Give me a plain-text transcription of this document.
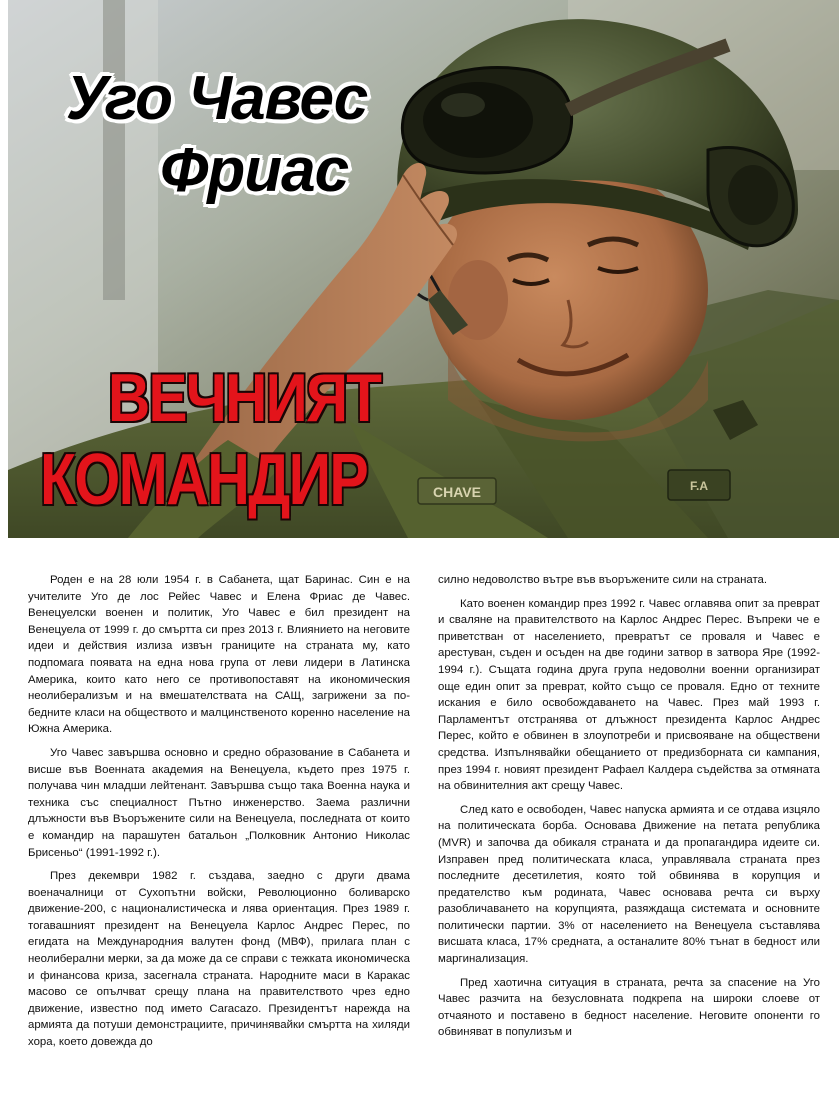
CHAVE	F.A
Уго Чавес
Фриас
ВЕЧНИЯТ
КОМАНДИР

Роден е на 28 юли 1954 г. в Сабанета, щат Баринас. Син е на учителите Уго де лос Рейес Чавес и Елена Фриас де Чавес. Венецуелски военен и политик, Уго Чавес е бил президент на Венецуела от 1999 г. до смъртта си през 2013 г. Влиянието на неговите идеи и действия излиза извън границите на страната му, като подпомага появата на една нова група от леви лидери в Латинска Америка, които като него се противопоставят на икономическия неолиберализъм и на вмешателствата на САЩ, загрижени за по-бедните класи на обществото и малцинственото коренно население на Южна Америка.

Уго Чавес завършва основно и средно образование в Сабанета и висше във Военната академия на Венецуела, където през 1975 г. получава чин младши лейтенант. Завършва също така Военна наука и техника със специалност Пътно инженерство. Заема различни длъжности във Въоръжените сили на Венецуела, последната от които е командир на парашутен батальон „Полковник Антонио Николас Брисеньо“ (1991-1992 г.).

През декември 1982 г. създава, заедно с други двама военачалници от Сухопътни войски, Революционно боливарско движение-200, с националистическа и лява ориентация. През 1989 г. тогавашният президент на Венецуела Карлос Андрес Перес, по егидата на Международния валутен фонд (МВФ), прилага план с неолиберални мерки, за да може да се справи с тежката икономическа и финансова криза, засегнала страната. Народните маси в Каракас масово се опълчват срещу плана на правителството чрез едно движение, известно под името Caracazo. Президентът нарежда на армията да потуши демонстрациите, причинявайки смъртта на хиляди хора, което довежда до

силно недоволство вътре във въоръжените сили на страната.

Като военен командир през 1992 г. Чавес оглавява опит за преврат и сваляне на правителството на Карлос Андрес Перес. Въпреки че е приветстван от населението, превратът се проваля и Чавес е арестуван, съден и осъден на две години затвор в затвора Яре (1992-1994 г.). Същата година друга група недоволни военни организират още един опит за преврат, който също се проваля. Едно от техните искания е било освобождаването на Чавес. През май 1993 г. Парламентът отстранява от длъжност президента Карлос Андрес Перес, който е обвинен в злоупотреби и присвояване на обществени средства. Изпълнявайки обещанието от предизборната си кампания, през 1994 г. новият президент Рафаел Калдера съдейства за отмяната на обвинителния акт срещу Чавес.

След като е освободен, Чавес напуска армията и се отдава изцяло на политическата борба. Основава Движение на петата република (MVR) и започва да обикаля страната и да пропагандира идеите си. Изправен пред политическата класа, управлявала страната през последните десетилетия, която той обвинява в корупция и предателство към родината, Чавес основава речта си върху разобличаването на корупцията, разяждаща системата и основните политически партии. 3% от населението на Венецуела съставлява висшата класа, 17% средната, а останалите 80% тънат в бедност или маргинализация.

Пред хаотична ситуация в страната, речта за спасение на Уго Чавес разчита на безусловната подкрепа на широки слоеве от отчаяното и поставено в бедност население. Неговите опоненти го обвиняват в популизъм и
